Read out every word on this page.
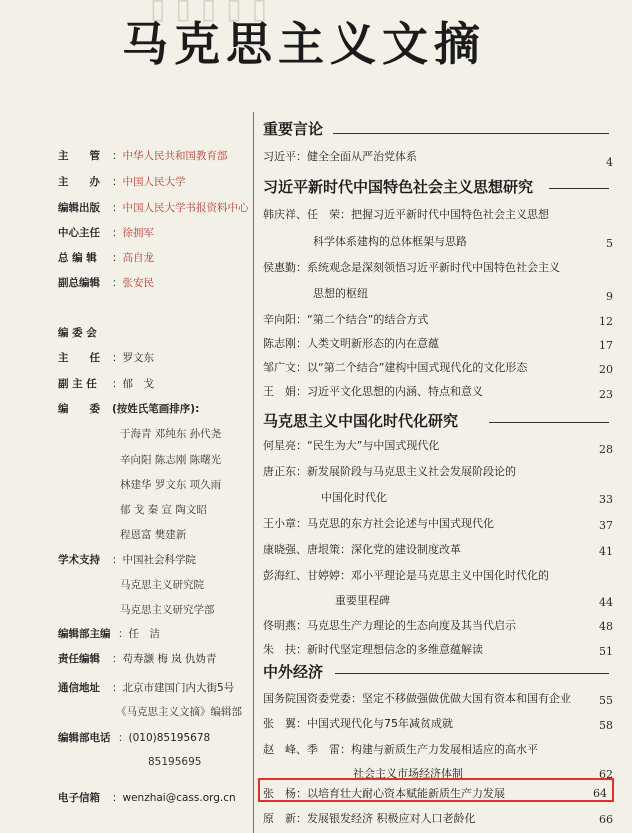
▯▯▯▯▯
马克思主义文摘
主　　管 ：中华人民共和国教育部
主　　办 ：中国人民大学
编辑出版 ：中国人民大学书报资料中心
中心主任 ：徐拥军
总 编 辑 ：高自龙
副总编辑 ：张安民
编 委 会
主　　任 ：罗文东
副 主 任 ：郁　戈
编　　委 (按姓氏笔画排序):
于海青 邓纯东 孙代尧
辛向阳 陈志刚 陈曙光
林建华 罗文东 项久雨
郁 戈 秦 宣 陶文昭
程恩富 樊建新
学术支持 ：中国社会科学院
马克思主义研究院
马克思主义研究学部
编辑部主编 ：任　洁
责任编辑 ：苟寿灏 梅 岚 仇妫青
通信地址 ：北京市建国门内大街5号
《马克思主义文摘》编辑部
编辑部电话 ：(010)85195678
85195695
电子信箱 ：wenzhai@cass.org.cn
重要言论
习近平：健全全面从严治党体系	4
习近平新时代中国特色社会主义思想研究
韩庆祥、任　荣：把握习近平新时代中国特色社会主义思想
科学体系建构的总体框架与思路	5
侯惠勤：系统观念是深刻领悟习近平新时代中国特色社会主义
思想的枢纽	9
辛向阳：“第二个结合”的结合方式	12
陈志刚：人类文明新形态的内在意蕴	17
邹广文：以“第二个结合”建构中国式现代化的文化形态	20
王　娟：习近平文化思想的内涵、特点和意义	23
马克思主义中国化时代化研究
何星亮：“民生为大”与中国式现代化	28
唐正东：新发展阶段与马克思主义社会发展阶段论的
中国化时代化	33
王小章：马克思的东方社会论述与中国式现代化	37
康晓强、唐垠策：深化党的建设制度改革	41
彭海红、甘婷婷：邓小平理论是马克思主义中国化时代化的
重要里程碑	44
佟明燕：马克思生产力理论的生态向度及其当代启示	48
朱　扶：新时代坚定理想信念的多维意蕴解读	51
中外经济
国务院国资委党委：坚定不移做强做优做大国有资本和国有企业	55
张　翼：中国式现代化与75年减贫成就	58
赵　峰、季　雷：构建与新质生产力发展相适应的高水平
社会主义市场经济体制	62
张　杨：以培育壮大耐心资本赋能新质生产力发展	64
原　新：发展银发经济 积极应对人口老龄化	66
